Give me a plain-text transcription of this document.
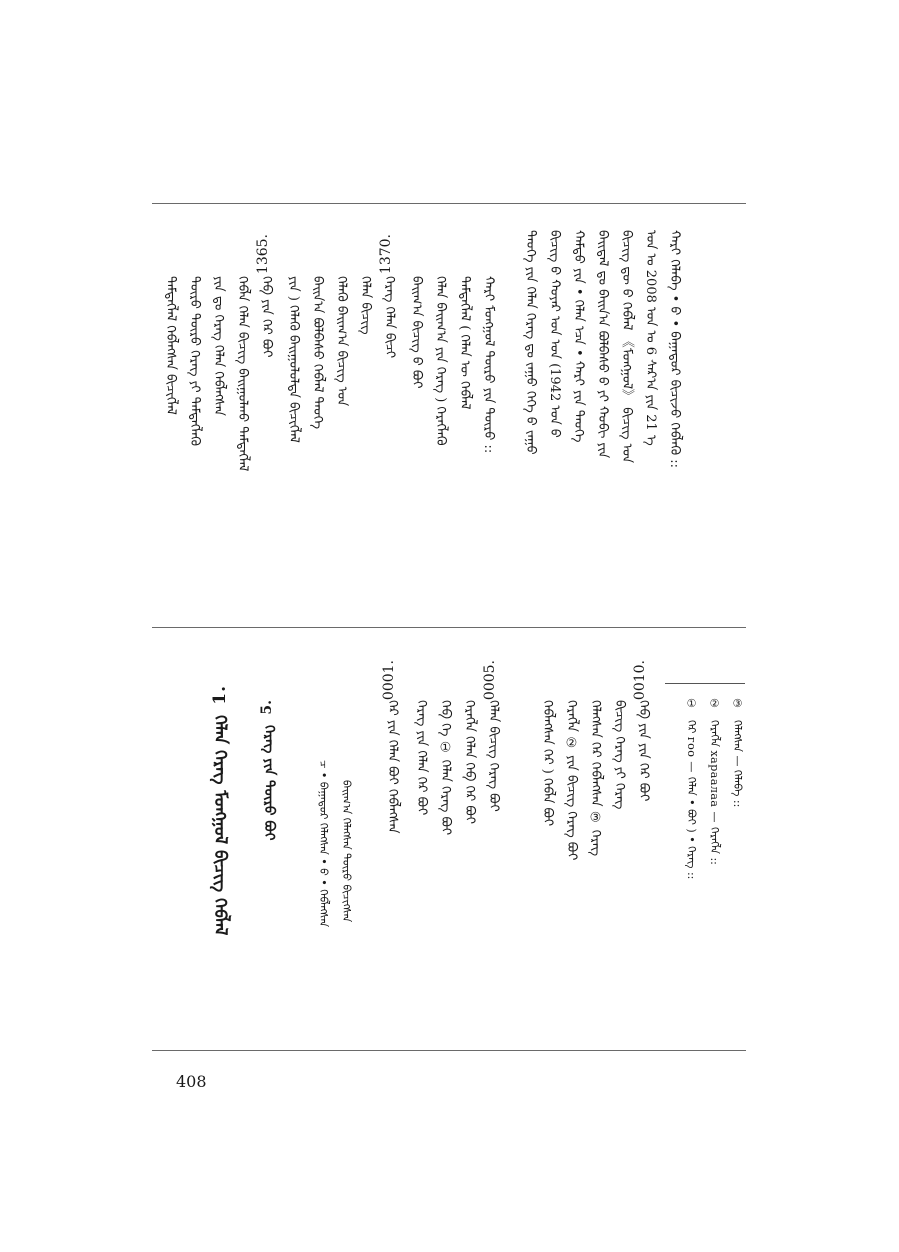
ᠬᠠᠷᠢ ᠬᠡᠯᠡᠪᠡ • ᠪ • ᠪᠠᠭᠠᠲᠤᠷ ᠪᠢᠴᠢᠵᠦ ᠬᠡᠪᠯᠡᠬᠦ ::
ᠣᠨ ᠤ 2008 ᠣᠨ ᠤ 6 ᠰᠠᠷ᠎ᠠ ᠶᠢᠨ 21 ᠡ
ᠪᠢᠴᠢᠭ ᠳᠦ ᠪ ᠬᠡᠪᠯᠡᠯ 《ᠮᠣᠩᠭᠣᠯ》 ᠪᠢᠴᠢᠭ ᠤᠨ
ᠪᠠᠢᠳᠠᠯ ᠳᠤ ᠪᠠᠢᠨ᠎ᠠ ᠪᠣᠯᠪᠠᠰᠤ ᠪ ᠶᠢ ᠬᠤᠪᠢ ᠶᠢᠨ
ᠬᠠᠮᠲᠤ ᠶᠢᠨ • ᠬᠡᠯᠡᠨ ᠡᠴᠡ • ᠬᠠᠷᠢ ᠶᠢᠨ ᠲᠡᠦᠬᠡ
ᠪᠢᠴᠢᠭ ᠪ ᠬᠣᠶᠠᠷ ᠤᠨ ᠣᠨ (1942 ᠣᠨ ᠪ
ᠲᠡᠦᠬᠡ ᠶᠢᠨ ᠬᠡᠯᠡᠨ ᠬᠡᠷᠡᠭ ᠳᠤ ᠵᠠᠭᠤ ᠬᠡᠬᠡ ᠪ ᠵᠠᠭᠤ
ᠬᠠᠷᠢ ᠮᠣᠩᠭᠣᠯ ᠲᠦᠷᠦ ᠶᠢᠨ ᠲᠦᠷᠦ ::
ᠲᠡᠮᠳᠡᠭᠯᠡᠯ ( ᠬᠡᠯᠡᠨ ᠦ ᠬᠡᠪᠯᠡᠯ
ᠬᠡᠯᠡᠨ ᠪᠠᠢᠭ᠎ᠠ ᠶᠢᠨ ᠬᠡᠷᠡᠭ ) ᠬᠡᠷᠡᠭᠯᠡᠬᠦ
ᠪᠠᠢᠭ᠎ᠠ ᠪᠢᠴᠢᠭ ᠪ ᠪᠤᠢ
1370.
ᠬᠡᠷᠡᠭ ᠬᠡᠯᠡᠨ ᠪᠢᠴᠢ
ᠬᠡᠯᠡᠨ ᠪᠢᠴᠢᠭ
ᠬᠡᠯᠡᠬᠦ ᠪᠠᠢᠭ᠎ᠠ ᠪᠢᠴᠢᠭ ᠤᠨ
ᠪᠠᠢᠨ᠎ᠠ ᠪᠣᠯᠪᠠᠰᠤ ᠬᠡᠪᠯᠡᠯ ᠲᠡᠦᠬᠡ
ᠶᠢᠨ ) ᠬᠡᠯᠡᠬᠦ ᠪᠠᠢᠭᠤᠯᠤᠯᠲᠠ ᠪᠢᠴᠢᠭᠯᠡᠯ
1365.
ᠬᠡᠪ ᠶᠢᠨ ᠬᠡᠷ ᠪᠤᠢ
ᠬᠡᠪᠯᠡ ᠬᠡᠯᠡᠨ ᠪᠢᠴᠢᠭ ᠪᠠᠢᠭᠤᠯᠬᠤ ᠲᠡᠮᠳᠡᠭᠯᠡᠯ
ᠶᠢᠨ ᠳᠤ ᠬᠡᠷᠡᠭ ᠬᠡᠯᠡᠨ ᠬᠡᠪᠯᠡᠭᠰᠡᠨ
ᠲᠦᠷᠦ ᠲᠦᠷᠦ ᠬᠡᠷᠡᠭ ᠶᠢ ᠲᠡᠮᠳᠡᠭᠯᠡᠬᠦ
ᠲᠡᠮᠳᠡᠭᠯᠡᠯ ᠬᠡᠪᠯᠡᠭᠰᠡᠨ ᠪᠢᠴᠢᠭᠯᠡᠯ
① ② ③
ᠬᠡᠷ гоо — ᠬᠡᠯᠡᠨ • ᠪᠤᠢ ) • ᠬᠡᠷᠡᠭ :: ᠬᠡᠷᠡᠭᠯᠡ xapaалаа — ᠬᠡᠷᠡᠭᠯᠡ :: ᠬᠡᠯᠡᠭᠰᠡᠨ — ᠬᠡᠯᠡᠪᠡ ::
0010.
ᠬᠡᠪ ᠶᠢᠨ ᠶᠢᠨ ᠬᠡᠷ ᠪᠤᠢ
ᠪᠢᠴᠢᠭ ᠬᠡᠷᠡᠭ ᠶᠢ ᠬᠡᠷᠡᠭ
ᠬᠡᠯᠡᠭᠰᠡᠨ ᠬᠡᠷ ᠬᠡᠪᠯᠡᠭᠰᠡᠨ ③ ᠬᠡᠷᠡᠭ
ᠬᠡᠷᠡᠭᠯᠡ ② ᠶᠢᠨ ᠪᠢᠴᠢᠭ ᠬᠡᠷᠡᠭ ᠪᠤᠢ
ᠬᠡᠪᠯᠡᠭᠰᠡᠨ ᠬᠡᠷ ) ᠬᠡᠪᠯᠡ ᠪᠤᠢ
0005.
ᠬᠡᠯᠡᠨ ᠪᠢᠴᠢᠭ ᠬᠡᠷᠡᠭ ᠪᠤᠢ
ᠬᠡᠷᠡᠭᠯᠡ ᠬᠡᠯᠡᠨ ᠬᠡᠪ ᠬᠡᠷ ᠪᠤᠢ
ᠬᠡᠪ ᠬᠡ ① ᠬᠡᠯᠡᠨ ᠬᠡᠷᠡᠭ ᠪᠤᠢ
ᠬᠡᠷᠡᠭ ᠶᠢᠨ ᠬᠡᠯᠡᠨ ᠬᠡᠷ ᠪᠤᠢ
0001.
ᠬᠡᠷ ᠶᠢᠨ ᠬᠡᠯᠡᠨ ᠪᠤᠢ ᠬᠡᠪᠯᠡᠭᠰᠡᠨ
ᠪᠠᠢᠭ᠎ᠠ ᠬᠡᠯᠡᠭᠰᠡᠨ ᠲᠦᠷᠦ ᠪᠢᠴᠢᠭᠰᠡᠨ
ᠴ • ᠪᠠᠭᠠᠲᠤᠷ ᠬᠡᠯᠡᠭᠰᠡᠨ • ᠪ • ᠬᠡᠪᠯᠡᠭᠰᠡᠨ
5.
ᠬᠡᠷᠡᠭ ᠶᠢᠨ ᠲᠦᠷᠦ ᠪᠤᠢ
1.
ᠬᠡᠯᠡᠨ ᠬᠡᠷᠡᠭ ᠮᠣᠩᠭᠣᠯ ᠪᠢᠴᠢᠭ ᠬᠡᠪᠯᠡᠯ
408
